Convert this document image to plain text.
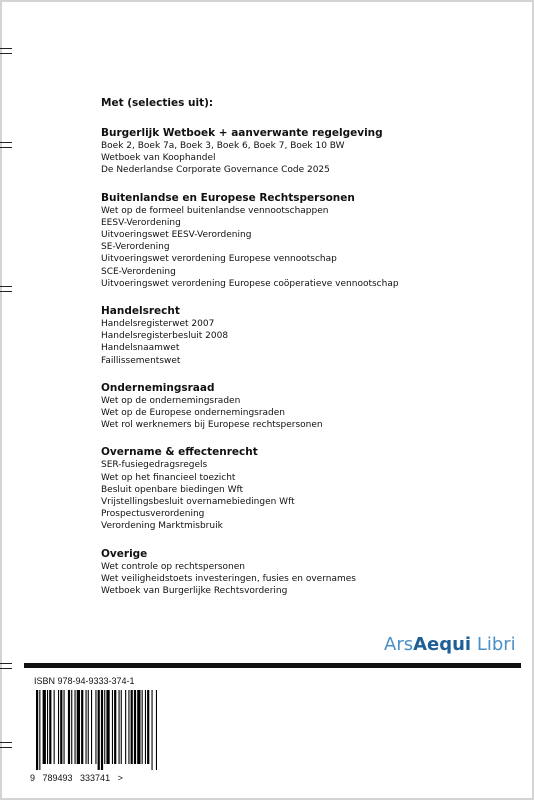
Met (selecties uit):
Burgerlijk Wetboek + aanverwante regelgeving
Boek 2, Boek 7a, Boek 3, Boek 6, Boek 7, Boek 10 BW
Wetboek van Koophandel
De Nederlandse Corporate Governance Code 2025
Buitenlandse en Europese Rechtspersonen
Wet op de formeel buitenlandse vennootschappen
EESV-Verordening
Uitvoeringswet EESV-Verordening
SE-Verordening
Uitvoeringswet verordening Europese vennootschap
SCE-Verordening
Uitvoeringswet verordening Europese coöperatieve vennootschap
Handelsrecht
Handelsregisterwet 2007
Handelsregisterbesluit 2008
Handelsnaamwet
Faillissementswet
Ondernemingsraad
Wet op de ondernemingsraden
Wet op de Europese ondernemingsraden
Wet rol werknemers bij Europese rechtspersonen
Overname & effectenrecht
SER-fusiegedragsregels
Wet op het financieel toezicht
Besluit openbare biedingen Wft
Vrijstellingsbesluit overnamebiedingen Wft
Prospectusverordening
Verordening Marktmisbruik
Overige
Wet controle op rechtspersonen
Wet veiligheidstoets investeringen, fusies en overnames
Wetboek van Burgerlijke Rechtsvordering
ArsAequi Libri
ISBN 978-94-9333-374-1
9   789493   333741   >
